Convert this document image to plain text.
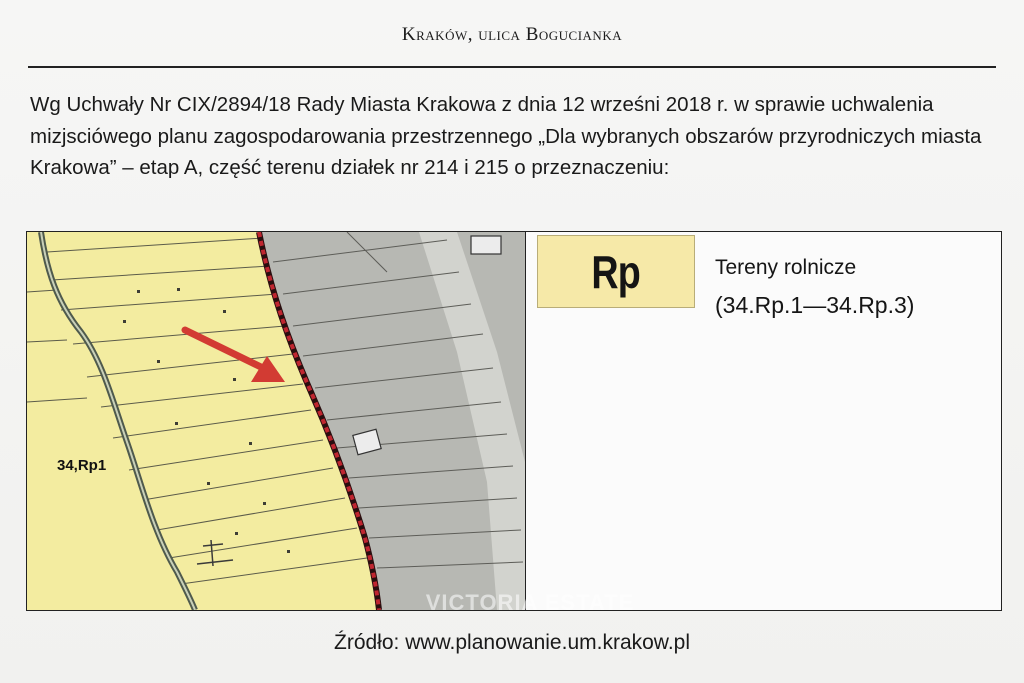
Kraków, ulica Bogucianka
Wg Uchwały Nr CIX/2894/18 Rady Miasta Krakowa z dnia 12 wrześni 2018 r. w sprawie uchwalenia mizjsciówego planu zagospodarowania przestrzennego „Dla wybranych obszarów przyrodniczych miasta Krakowa” – etap A, część terenu działek nr 214 i 215 o przeznaczeniu:
34,Rp1
Rp	Tereny rolnicze
(34.Rp.1—34.Rp.3)
VICTORIA ESTATE
Źródło: www.planowanie.um.krakow.pl
